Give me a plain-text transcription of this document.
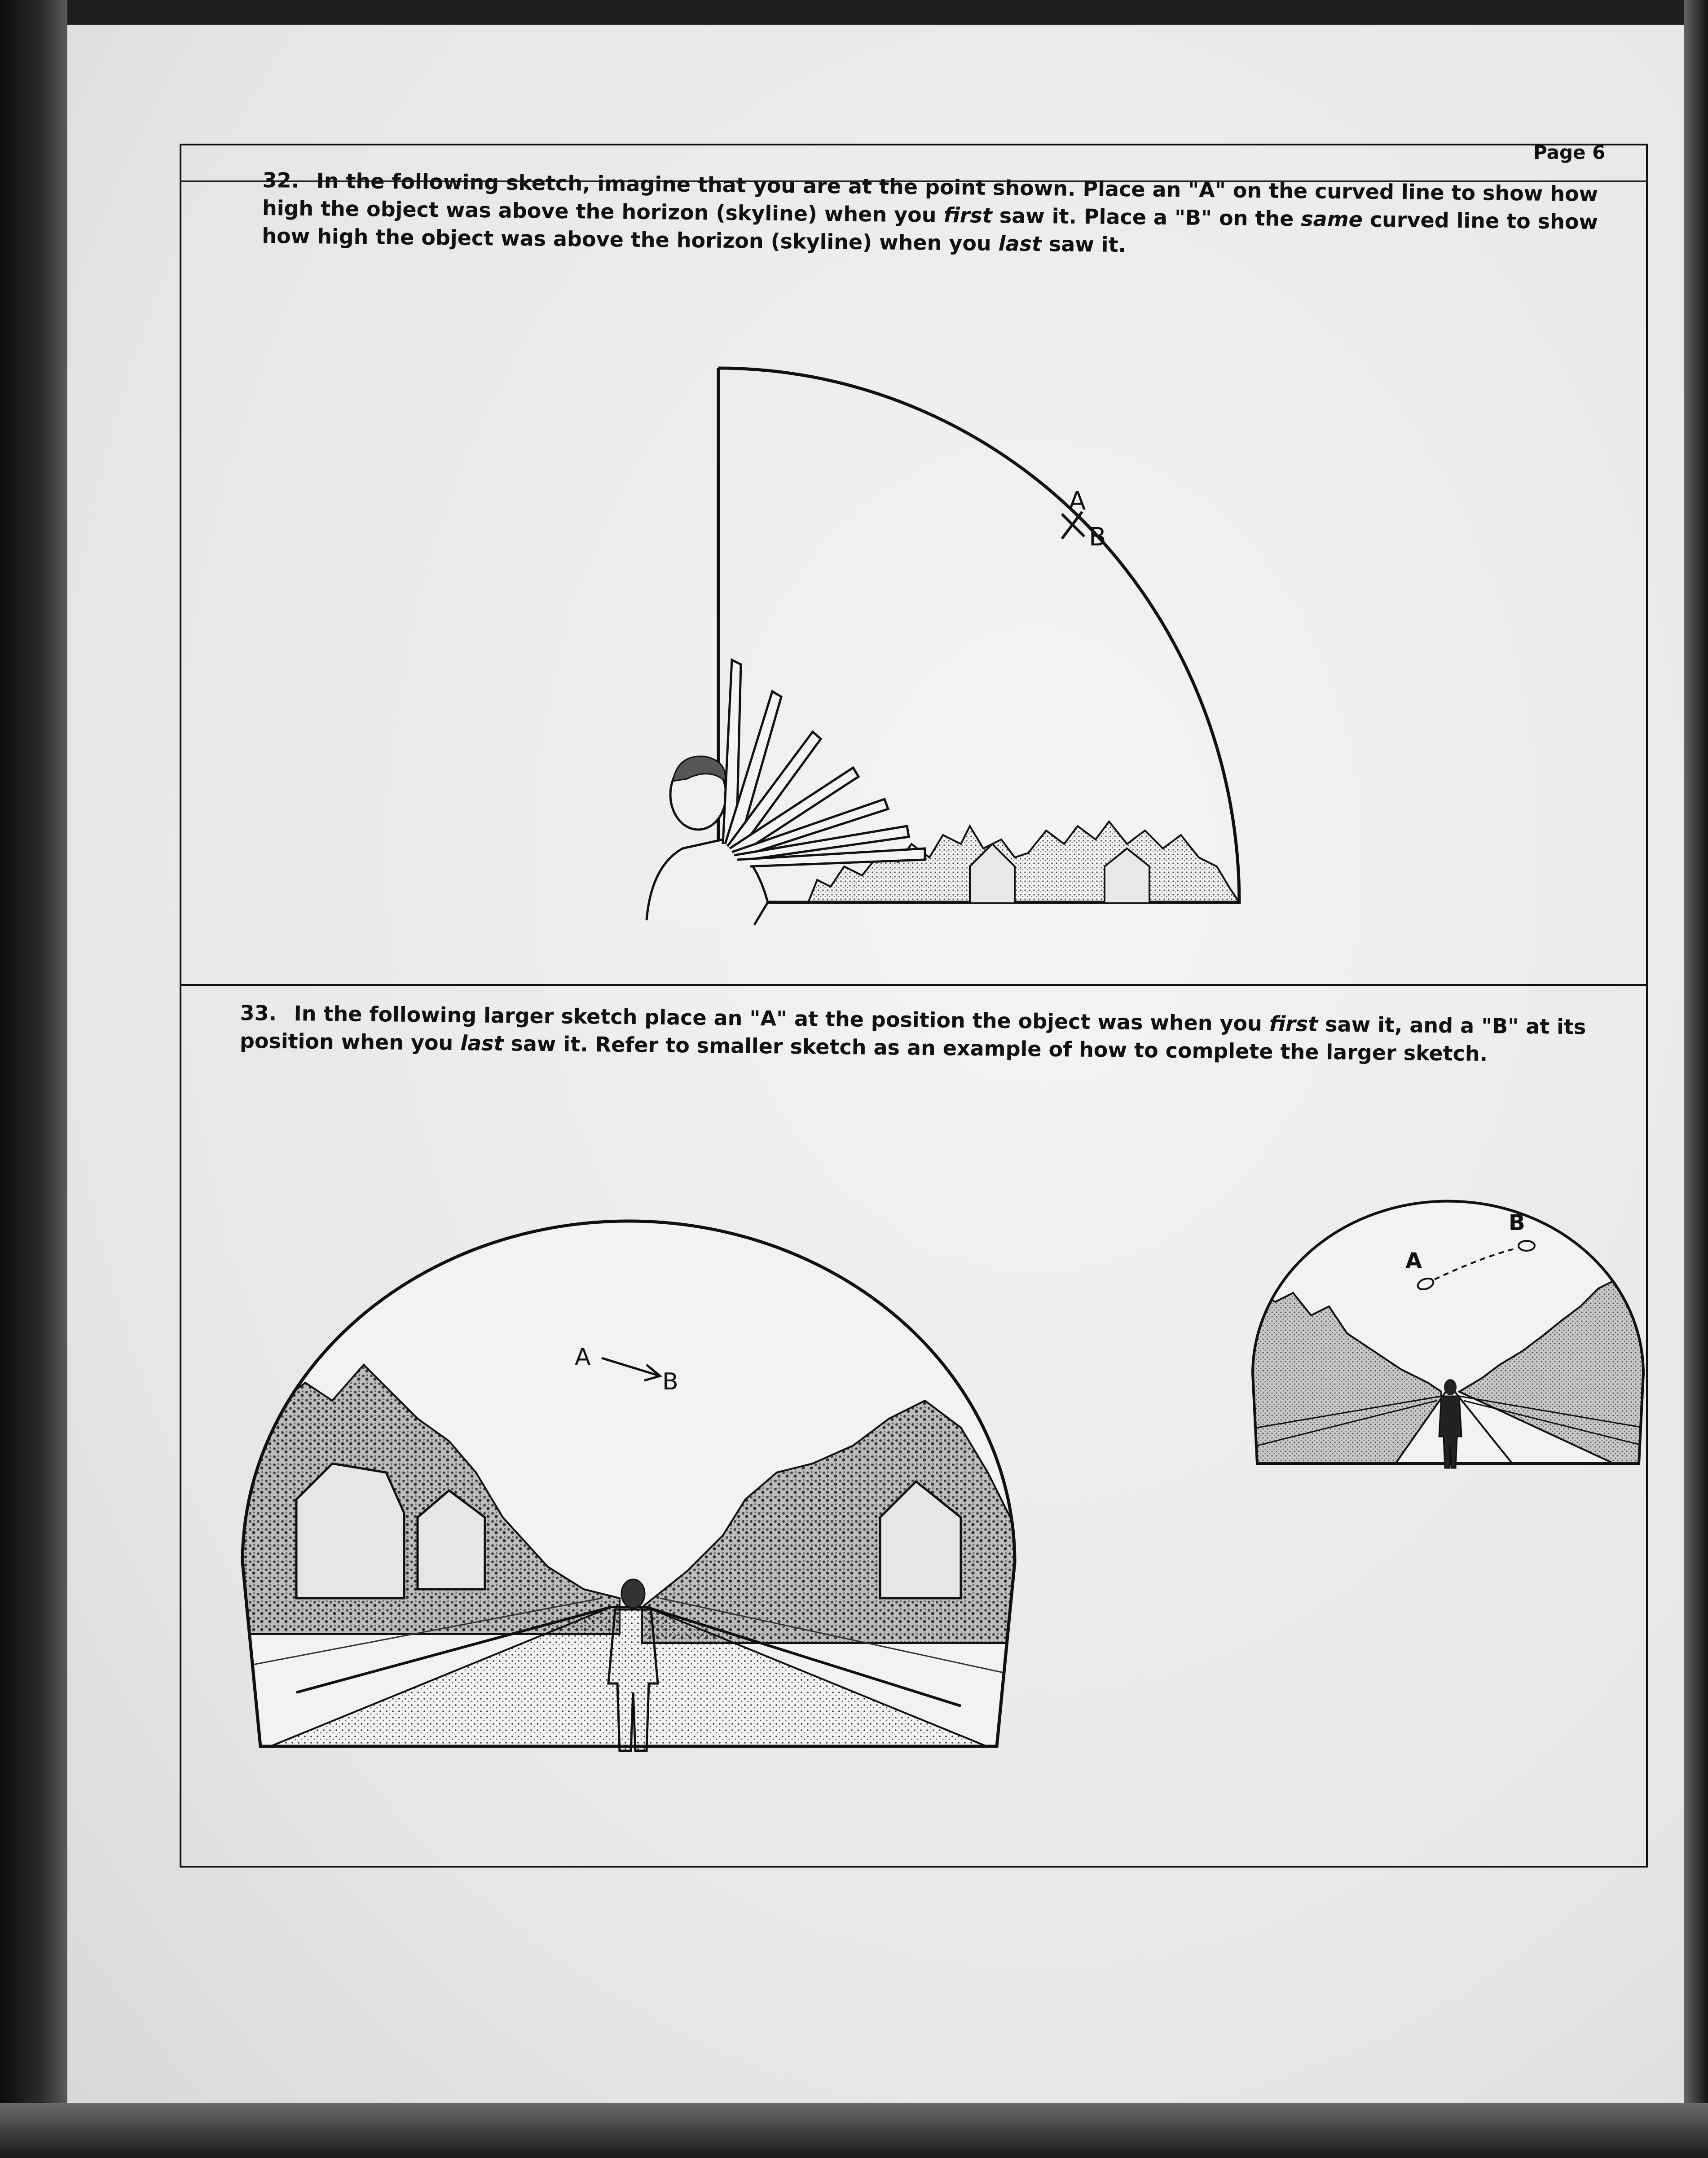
Page 6
32. In the following sketch, imagine that you are at the point shown. Place an "A" on the curved line to show how high the object was above the horizon (skyline) when you first saw it. Place a "B" on the same curved line to show how high the object was above the horizon (skyline) when you last saw it.
A
B
33. In the following larger sketch place an "A" at the position the object was when you first saw it, and a "B" at its position when you last saw it. Refer to smaller sketch as an example of how to complete the larger sketch.
A
B
A
B
